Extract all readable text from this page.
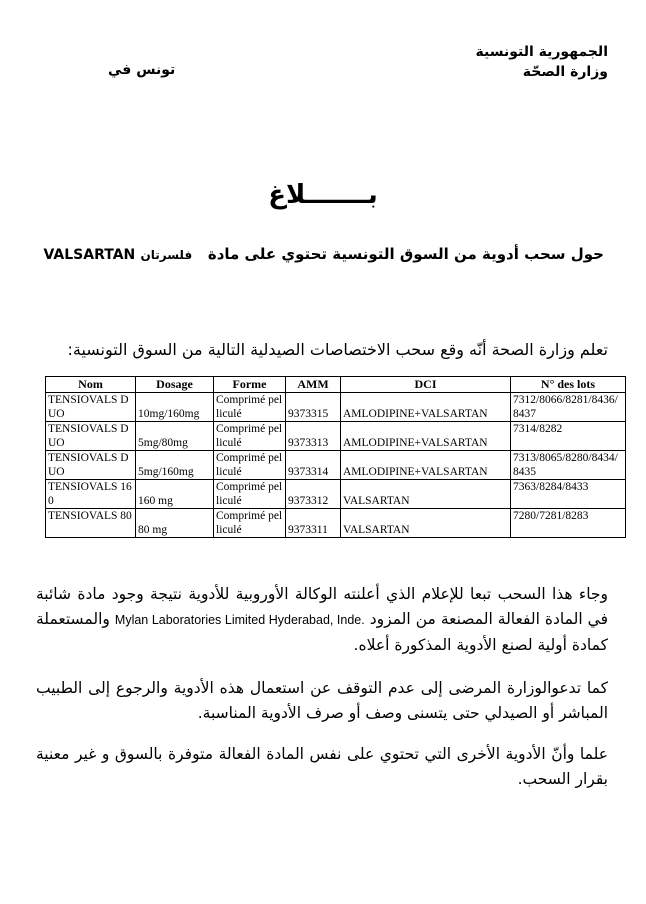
الجمهورية التونسية
وزارة الصحّة
تونس في
بـــــــلاغ
حول سحب أدوية من السوق التونسية تحتوي على مادة   فلسرتان VALSARTAN
تعلم وزارة الصحة أنّه وقع سحب الاختصاصات الصيدلية التالية من السوق التونسية:
Nom	Dosage	Forme	AMM	DCI	N° des lots
TENSIOVALS DUO	10mg/160mg	Comprimé pelliculé	9373315	AMLODIPINE+VALSARTAN	7312/8066/8281/8436/8437
TENSIOVALS DUO	5mg/80mg	Comprimé pelliculé	9373313	AMLODIPINE+VALSARTAN	7314/8282
TENSIOVALS DUO	5mg/160mg	Comprimé pelliculé	9373314	AMLODIPINE+VALSARTAN	7313/8065/8280/8434/8435
TENSIOVALS 160	160 mg	Comprimé pelliculé	9373312	VALSARTAN	7363/8284/8433
TENSIOVALS 80	80 mg	Comprimé pelliculé	9373311	VALSARTAN	7280/7281/8283
وجاء هذا السحب تبعا للإعلام الذي أعلنته الوكالة الأوروبية للأدوية نتيجة وجود مادة شائبة في المادة الفعالة المصنعة من المزود Mylan Laboratories Limited Hyderabad, Inde. والمستعملة كمادة أولية لصنع الأدوية المذكورة أعلاه.
كما تدعوالوزارة المرضى إلى عدم التوقف عن استعمال هذه الأدوية والرجوع إلى الطبيب المباشر أو الصيدلي حتى يتسنى وصف أو صرف الأدوية المناسبة.
علما وأنّ الأدوية الأخرى التي تحتوي على نفس المادة الفعالة متوفرة بالسوق و غير معنية بقرار السحب.
